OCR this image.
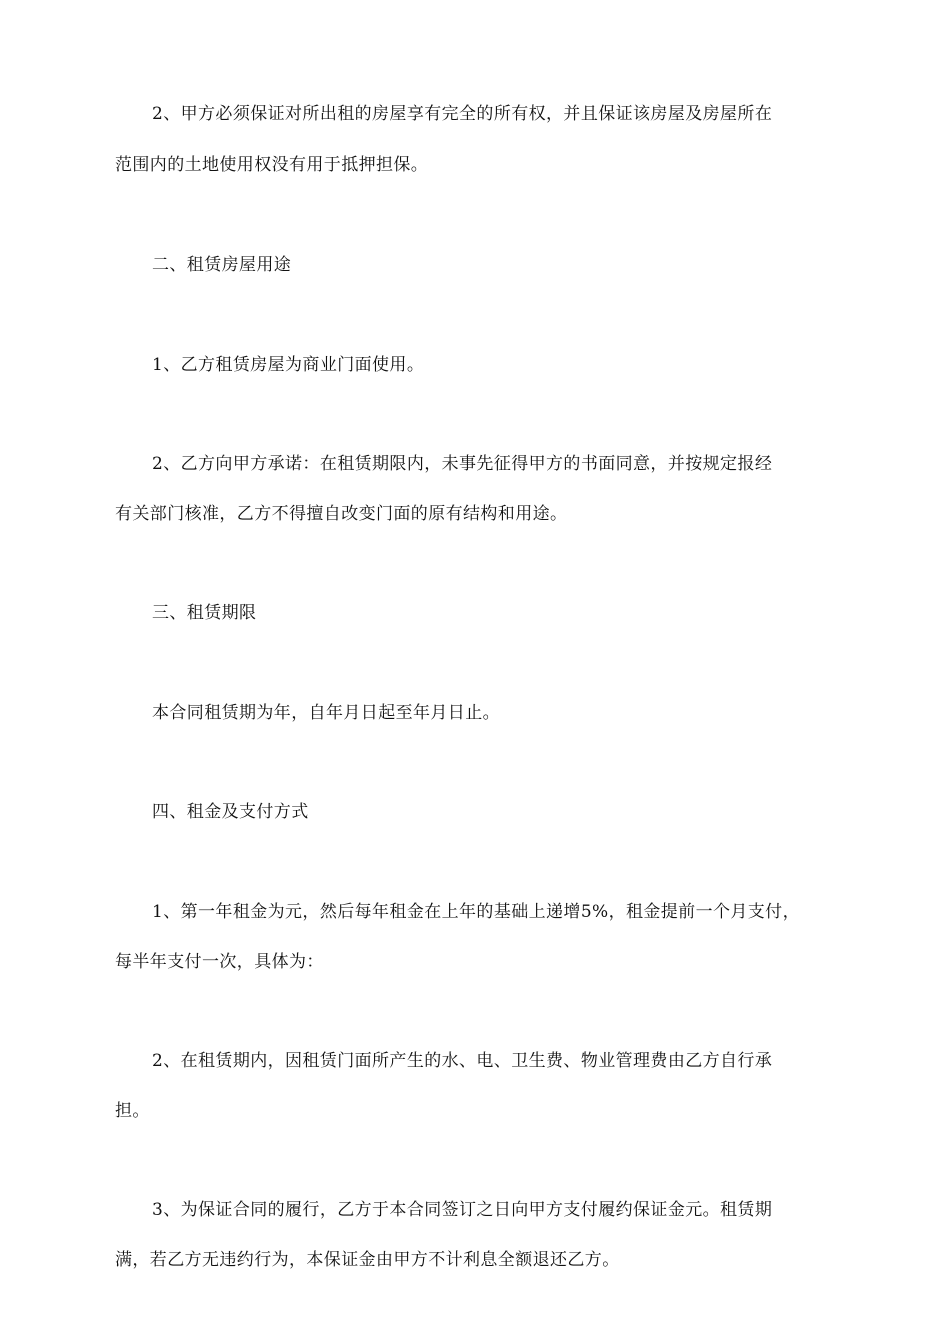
2、甲方必须保证对所出租的房屋享有完全的所有权，并且保证该房屋及房屋所在
范围内的土地使用权没有用于抵押担保。
二、租赁房屋用途
1、乙方租赁房屋为商业门面使用。
2、乙方向甲方承诺：在租赁期限内，未事先征得甲方的书面同意，并按规定报经
有关部门核准，乙方不得擅自改变门面的原有结构和用途。
三、租赁期限
本合同租赁期为年，自年月日起至年月日止。
四、租金及支付方式
1、第一年租金为元，然后每年租金在上年的基础上递增5%，租金提前一个月支付，
每半年支付一次，具体为：
2、在租赁期内，因租赁门面所产生的水、电、卫生费、物业管理费由乙方自行承
担。
3、为保证合同的履行，乙方于本合同签订之日向甲方支付履约保证金元。租赁期
满，若乙方无违约行为，本保证金由甲方不计利息全额退还乙方。
